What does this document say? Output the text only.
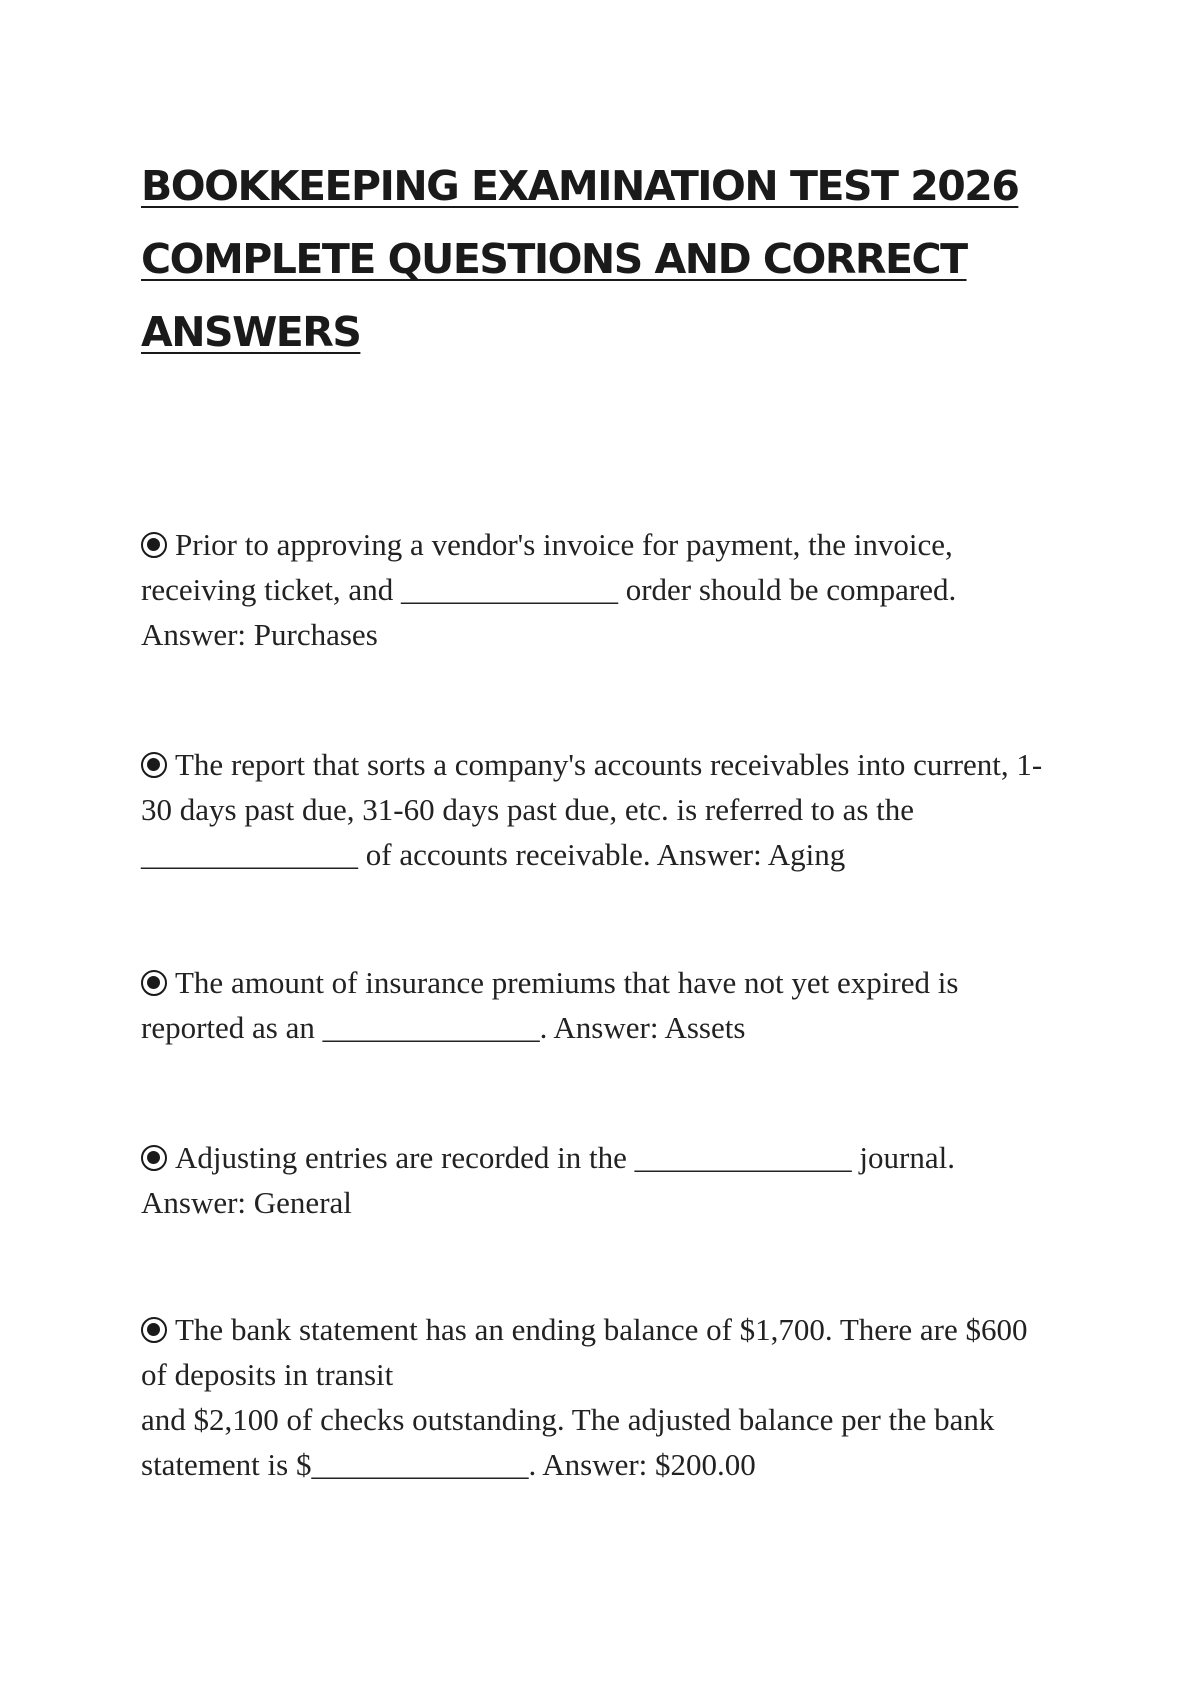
BOOKKEEPING EXAMINATION TEST 2026
COMPLETE QUESTIONS AND CORRECT
ANSWERS

Prior to approving a vendor's invoice for payment, the invoice,

receiving ticket, and ______________ order should be compared.

Answer: Purchases

The report that sorts a company's accounts receivables into current, 1-

30 days past due, 31-60 days past due, etc. is referred to as the

______________ of accounts receivable. Answer: Aging

The amount of insurance premiums that have not yet expired is

reported as an ______________. Answer: Assets

Adjusting entries are recorded in the ______________ journal.

Answer: General

The bank statement has an ending balance of $1,700. There are $600

of deposits in transit

and $2,100 of checks outstanding. The adjusted balance per the bank

statement is $______________. Answer: $200.00
